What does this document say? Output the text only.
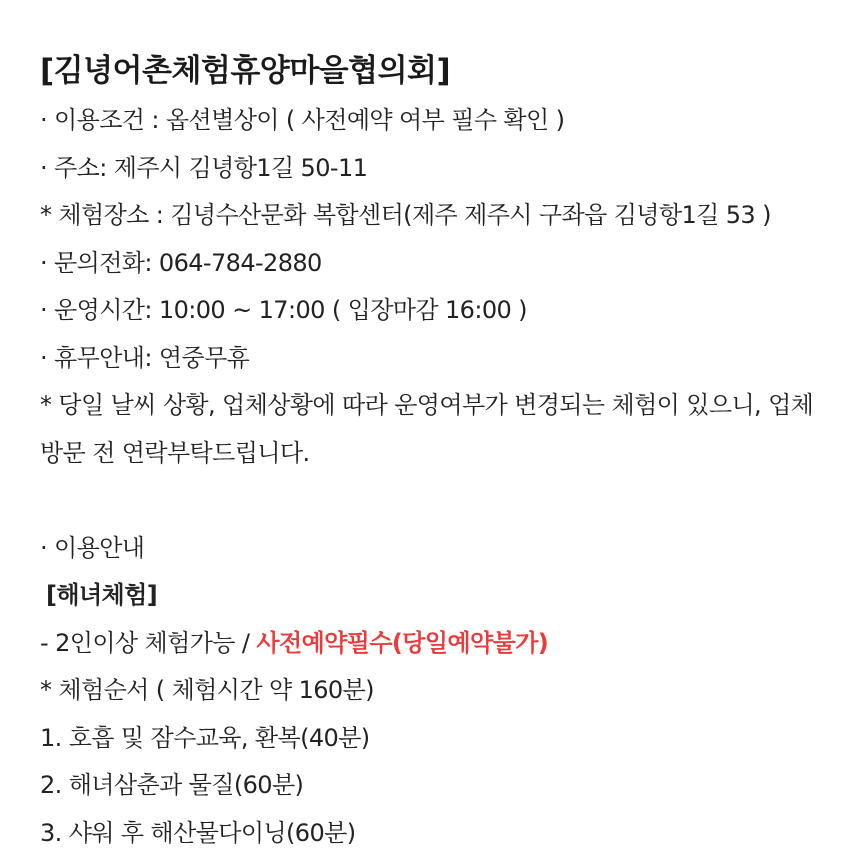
[김녕어촌체험휴양마을협의회]
· 이용조건 : 옵션별상이 ( 사전예약 여부 필수 확인 )
· 주소: 제주시 김녕항1길 50-11
* 체험장소 : 김녕수산문화 복합센터(제주 제주시 구좌읍 김녕항1길 53 )
· 문의전화: 064-784-2880
· 운영시간: 10:00 ~ 17:00 ( 입장마감 16:00 )
· 휴무안내: 연중무휴
* 당일 날씨 상황, 업체상황에 따라 운영여부가 변경되는 체험이 있으니, 업체 방문 전 연락부탁드립니다.
· 이용안내
[해녀체험]
- 2인이상 체험가능 / 사전예약필수(당일예약불가)
* 체험순서 ( 체험시간 약 160분)
1. 호흡 및 잠수교육, 환복(40분)
2. 해녀삼춘과 물질(60분)
3. 샤워 후 해산물다이닝(60분)
